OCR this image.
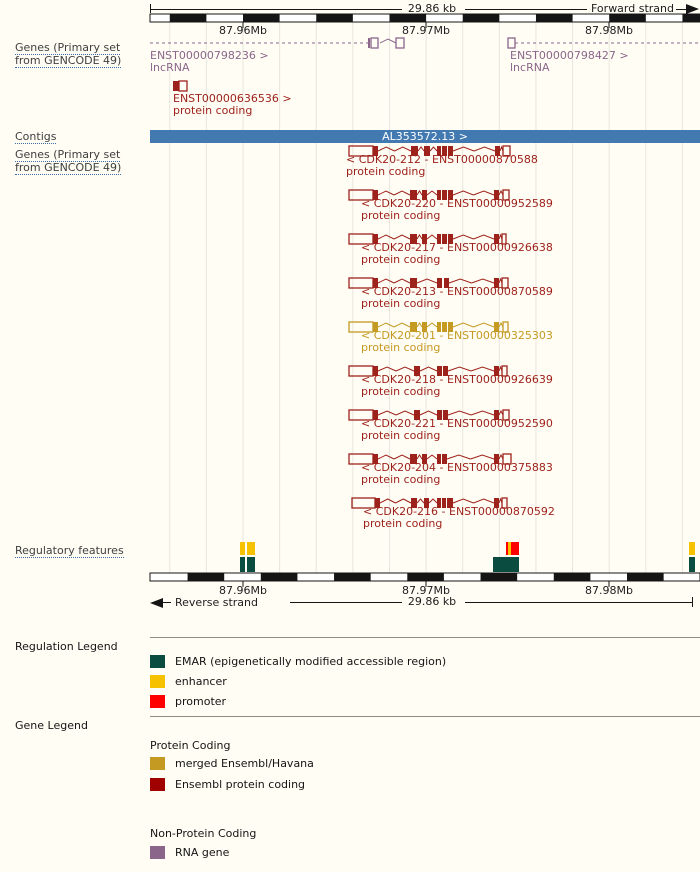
87.96Mb	87.97Mb	87.98Mb
87.96Mb	87.97Mb	87.98Mb
AL353572.13 >
ENST00000798236 >
lncRNA
ENST00000636536 >
protein coding
ENST00000798427 >
lncRNA
< CDK20-212 - ENST00000870588
protein coding
< CDK20-220 - ENST00000952589
protein coding
< CDK20-217 - ENST00000926638
protein coding
< CDK20-213 - ENST00000870589
protein coding
< CDK20-201 - ENST00000325303
protein coding
< CDK20-218 - ENST00000926639
protein coding
< CDK20-221 - ENST00000952590
protein coding
< CDK20-204 - ENST00000375883
protein coding
< CDK20-216 - ENST00000870592
protein coding
29.86 kb	Forward strand
Genes (Primary set
from GENCODE 49)
Contigs
Genes (Primary set
from GENCODE 49)
Regulatory features
Reverse strand	29.86 kb
Regulation Legend
EMAR (epigenetically modified accessible region)
enhancer
promoter
Gene Legend
Protein Coding
merged Ensembl/Havana
Ensembl protein coding
Non-Protein Coding
RNA gene
